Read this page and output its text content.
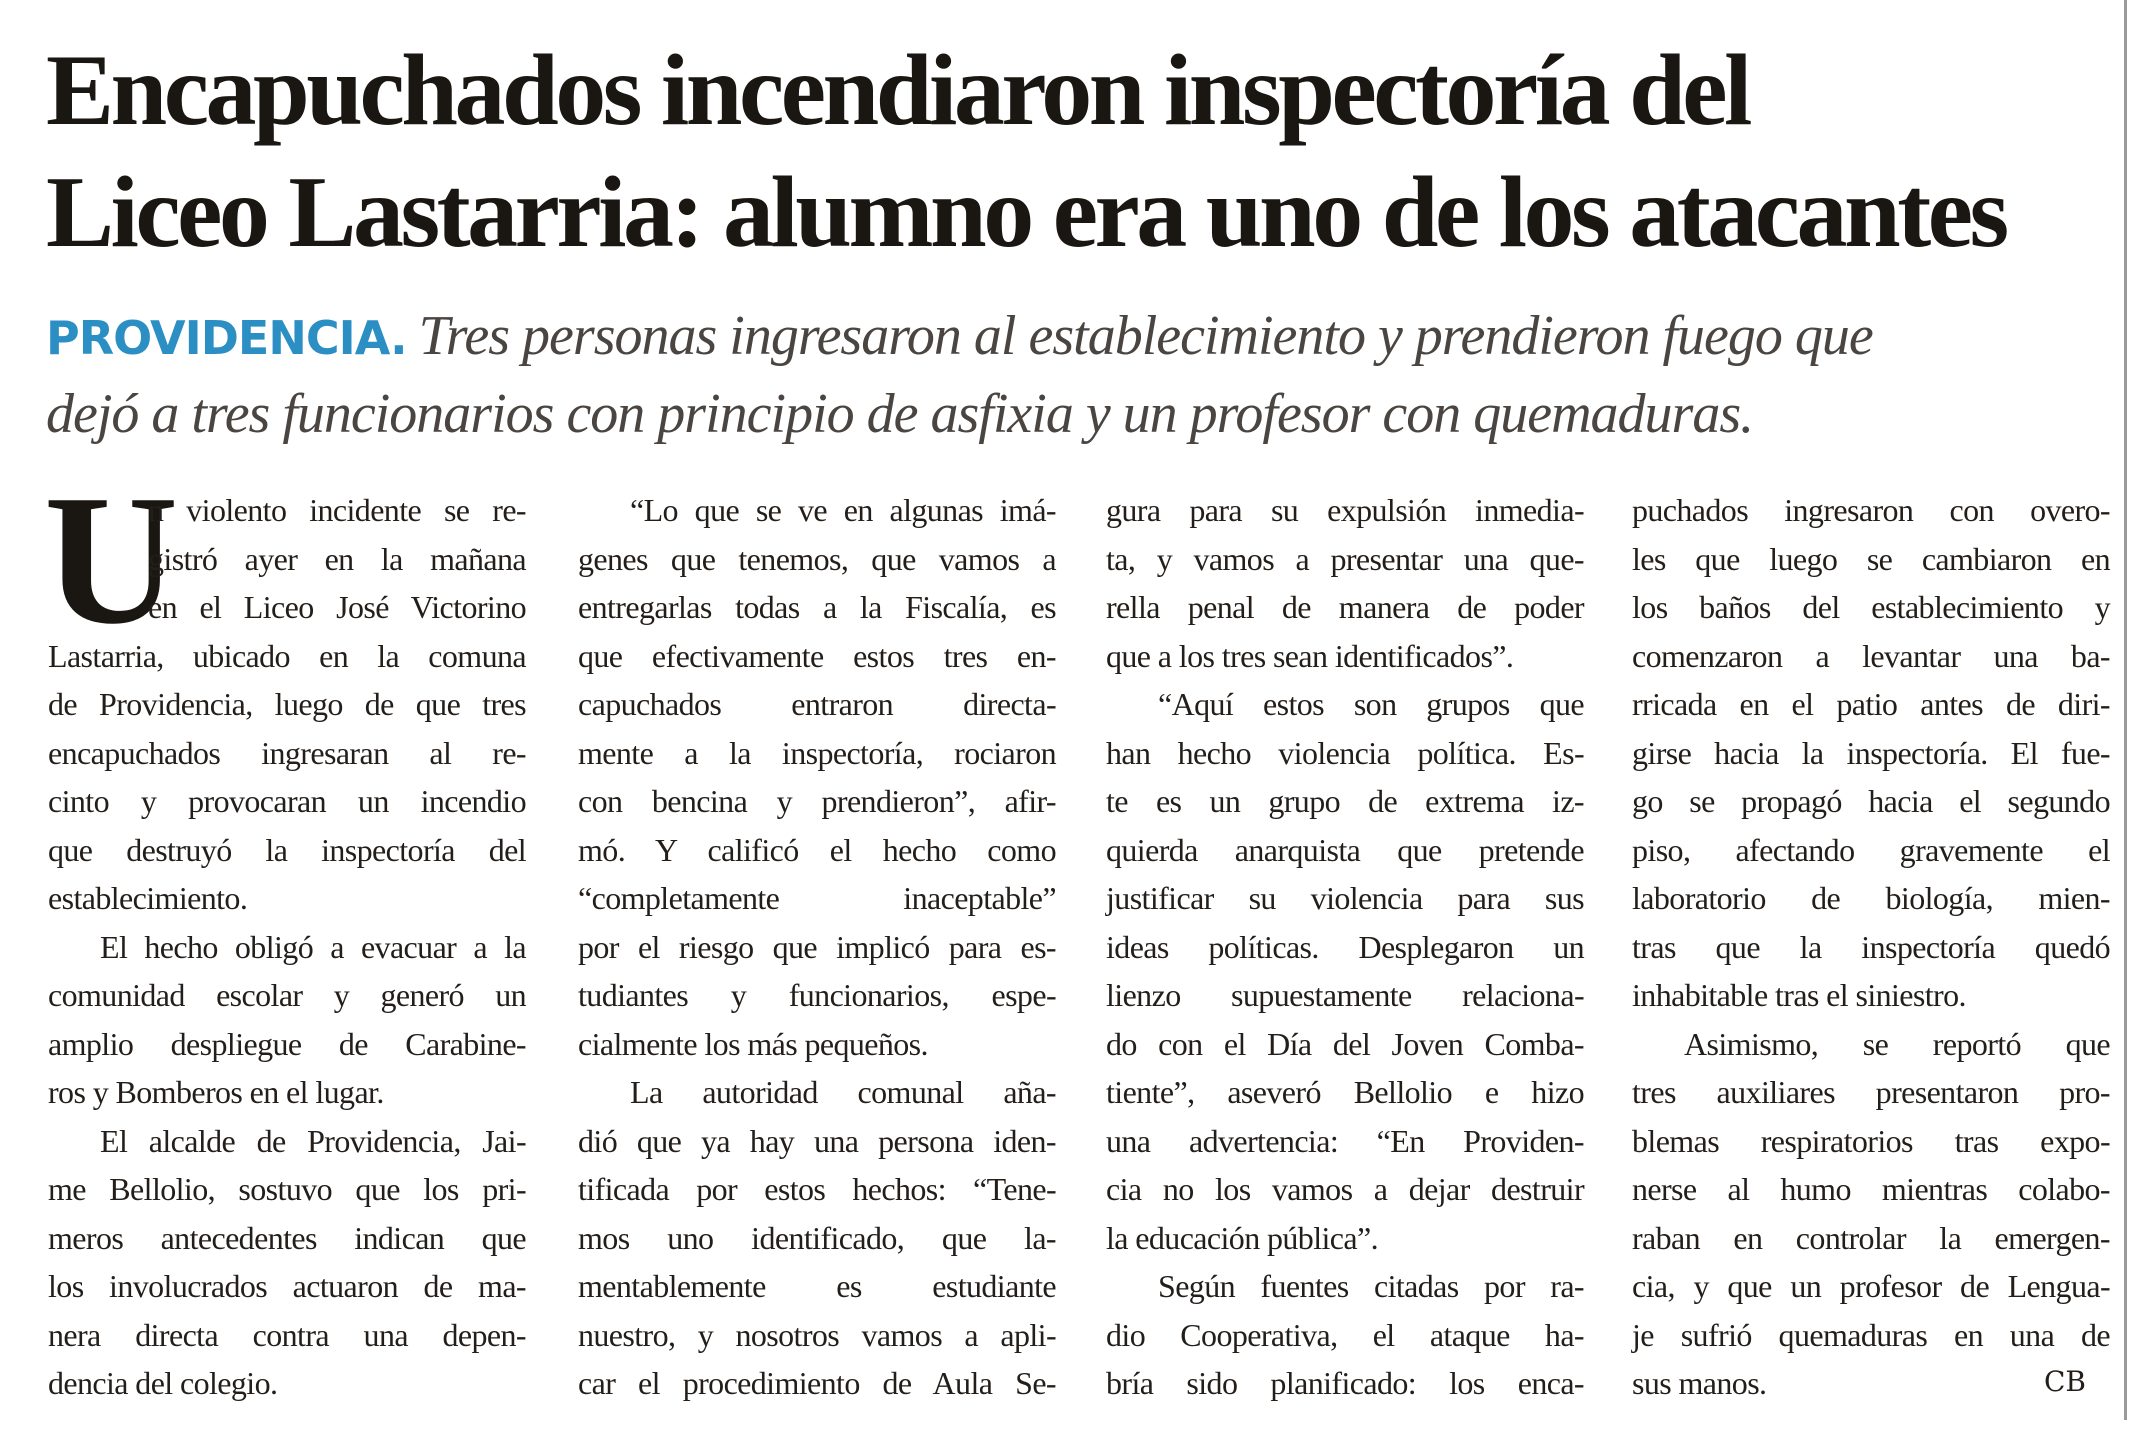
Encapuchados incendiaron inspectoría del
Liceo Lastarria: alumno era uno de los atacantes

PROVIDENCIA. Tres personas ingresaron al establecimiento y prendieron fuego que
dejó a tres funcionarios con principio de asfixia y un profesor con quemaduras.

U
n violento incidente se re-
gistró ayer en la mañana
en el Liceo José Victorino
Lastarria, ubicado en la comuna
de Providencia, luego de que tres
encapuchados ingresaran al re-
cinto y provocaran un incendio
que destruyó la inspectoría del
establecimiento.
El hecho obligó a evacuar a la
comunidad escolar y generó un
amplio despliegue de Carabine-
ros y Bomberos en el lugar.
El alcalde de Providencia, Jai-
me Bellolio, sostuvo que los pri-
meros antecedentes indican que
los involucrados actuaron de ma-
nera directa contra una depen-
dencia del colegio.
“Lo que se ve en algunas imá-
genes que tenemos, que vamos a
entregarlas todas a la Fiscalía, es
que efectivamente estos tres en-
capuchados entraron directa-
mente a la inspectoría, rociaron
con bencina y prendieron”, afir-
mó. Y calificó el hecho como
“completamente inaceptable”
por el riesgo que implicó para es-
tudiantes y funcionarios, espe-
cialmente los más pequeños.
La autoridad comunal aña-
dió que ya hay una persona iden-
tificada por estos hechos: “Tene-
mos uno identificado, que la-
mentablemente es estudiante
nuestro, y nosotros vamos a apli-
car el procedimiento de Aula Se-
gura para su expulsión inmedia-
ta, y vamos a presentar una que-
rella penal de manera de poder
que a los tres sean identificados”.
“Aquí estos son grupos que
han hecho violencia política. Es-
te es un grupo de extrema iz-
quierda anarquista que pretende
justificar su violencia para sus
ideas políticas. Desplegaron un
lienzo supuestamente relaciona-
do con el Día del Joven Comba-
tiente”, aseveró Bellolio e hizo
una advertencia: “En Providen-
cia no los vamos a dejar destruir
la educación pública”.
Según fuentes citadas por ra-
dio Cooperativa, el ataque ha-
bría sido planificado: los enca-
puchados ingresaron con overo-
les que luego se cambiaron en
los baños del establecimiento y
comenzaron a levantar una ba-
rricada en el patio antes de diri-
girse hacia la inspectoría. El fue-
go se propagó hacia el segundo
piso, afectando gravemente el
laboratorio de biología, mien-
tras que la inspectoría quedó
inhabitable tras el siniestro.
Asimismo, se reportó que
tres auxiliares presentaron pro-
blemas respiratorios tras expo-
nerse al humo mientras colabo-
raban en controlar la emergen-
cia, y que un profesor de Lengua-
je sufrió quemaduras en una de
sus manos.	CB
